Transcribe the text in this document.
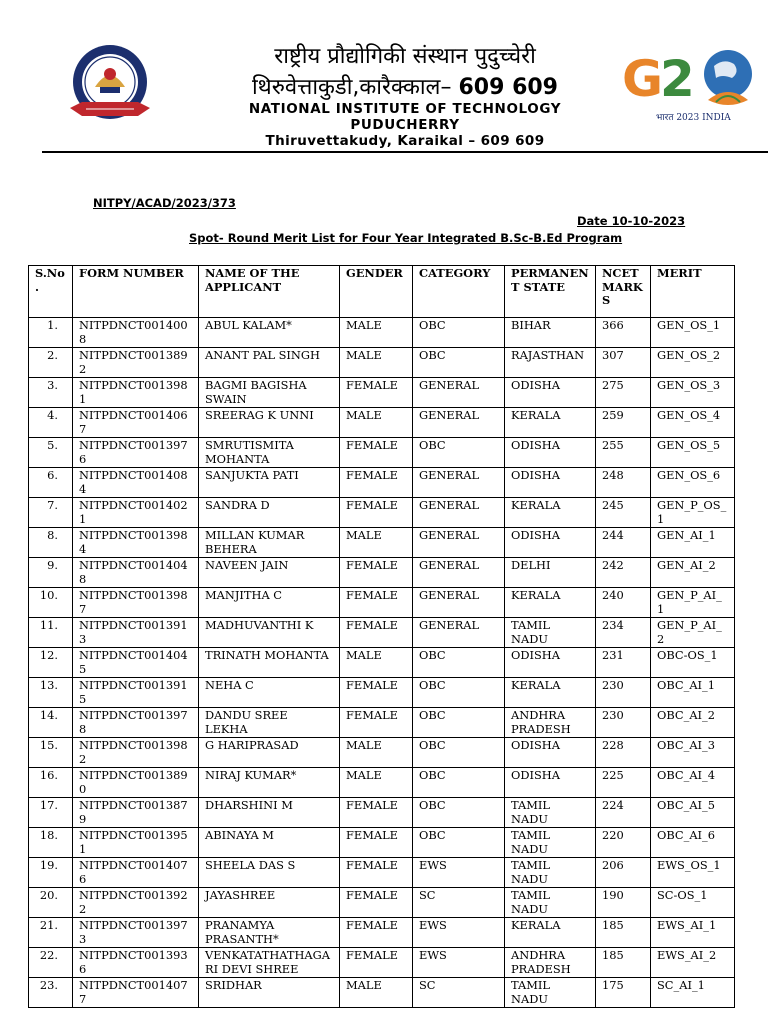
राष्ट्रीय प्रौद्योगिकी संस्थान पुदुच्चेरी
थिरुवेत्ताकुडी,कारैक्काल– 609 609
NATIONAL INSTITUTE OF TECHNOLOGY
PUDUCHERRY
Thiruvettakudy, Karaikal – 609 609
G
2
भारत 2023 INDIA
NITPY/ACAD/2023/373
Date 10-10-2023
Spot- Round Merit List for Four Year Integrated B.Sc-B.Ed Program
S.No.	FORM NUMBER	NAME OF THE APPLICANT	GENDER	CATEGORY	PERMANENT STATE	NCET MARKS	MERIT
1.	NITPDNCT0014008	ABUL KALAM*	MALE	OBC	BIHAR	366	GEN_OS_1
2.	NITPDNCT0013892	ANANT PAL SINGH	MALE	OBC	RAJASTHAN	307	GEN_OS_2
3.	NITPDNCT0013981	BAGMI BAGISHA SWAIN	FEMALE	GENERAL	ODISHA	275	GEN_OS_3
4.	NITPDNCT0014067	SREERAG K UNNI	MALE	GENERAL	KERALA	259	GEN_OS_4
5.	NITPDNCT0013976	SMRUTISMITA MOHANTA	FEMALE	OBC	ODISHA	255	GEN_OS_5
6.	NITPDNCT0014084	SANJUKTA PATI	FEMALE	GENERAL	ODISHA	248	GEN_OS_6
7.	NITPDNCT0014021	SANDRA D	FEMALE	GENERAL	KERALA	245	GEN_P_OS_1
8.	NITPDNCT0013984	MILLAN KUMAR BEHERA	MALE	GENERAL	ODISHA	244	GEN_AI_1
9.	NITPDNCT0014048	NAVEEN JAIN	FEMALE	GENERAL	DELHI	242	GEN_AI_2
10.	NITPDNCT0013987	MANJITHA C	FEMALE	GENERAL	KERALA	240	GEN_P_AI_1
11.	NITPDNCT0013913	MADHUVANTHI K	FEMALE	GENERAL	TAMIL NADU	234	GEN_P_AI_2
12.	NITPDNCT0014045	TRINATH MOHANTA	MALE	OBC	ODISHA	231	OBC-OS_1
13.	NITPDNCT0013915	NEHA C	FEMALE	OBC	KERALA	230	OBC_AI_1
14.	NITPDNCT0013978	DANDU SREE LEKHA	FEMALE	OBC	ANDHRA PRADESH	230	OBC_AI_2
15.	NITPDNCT0013982	G HARIPRASAD	MALE	OBC	ODISHA	228	OBC_AI_3
16.	NITPDNCT0013890	NIRAJ KUMAR*	MALE	OBC	ODISHA	225	OBC_AI_4
17.	NITPDNCT0013879	DHARSHINI M	FEMALE	OBC	TAMIL NADU	224	OBC_AI_5
18.	NITPDNCT0013951	ABINAYA M	FEMALE	OBC	TAMIL NADU	220	OBC_AI_6
19.	NITPDNCT0014076	SHEELA DAS S	FEMALE	EWS	TAMIL NADU	206	EWS_OS_1
20.	NITPDNCT0013922	JAYASHREE	FEMALE	SC	TAMIL NADU	190	SC-OS_1
21.	NITPDNCT0013973	PRANAMYA PRASANTH*	FEMALE	EWS	KERALA	185	EWS_AI_1
22.	NITPDNCT0013936	VENKATATHATHAGARI DEVI SHREE	FEMALE	EWS	ANDHRA PRADESH	185	EWS_AI_2
23.	NITPDNCT0014077	SRIDHAR	MALE	SC	TAMIL NADU	175	SC_AI_1
